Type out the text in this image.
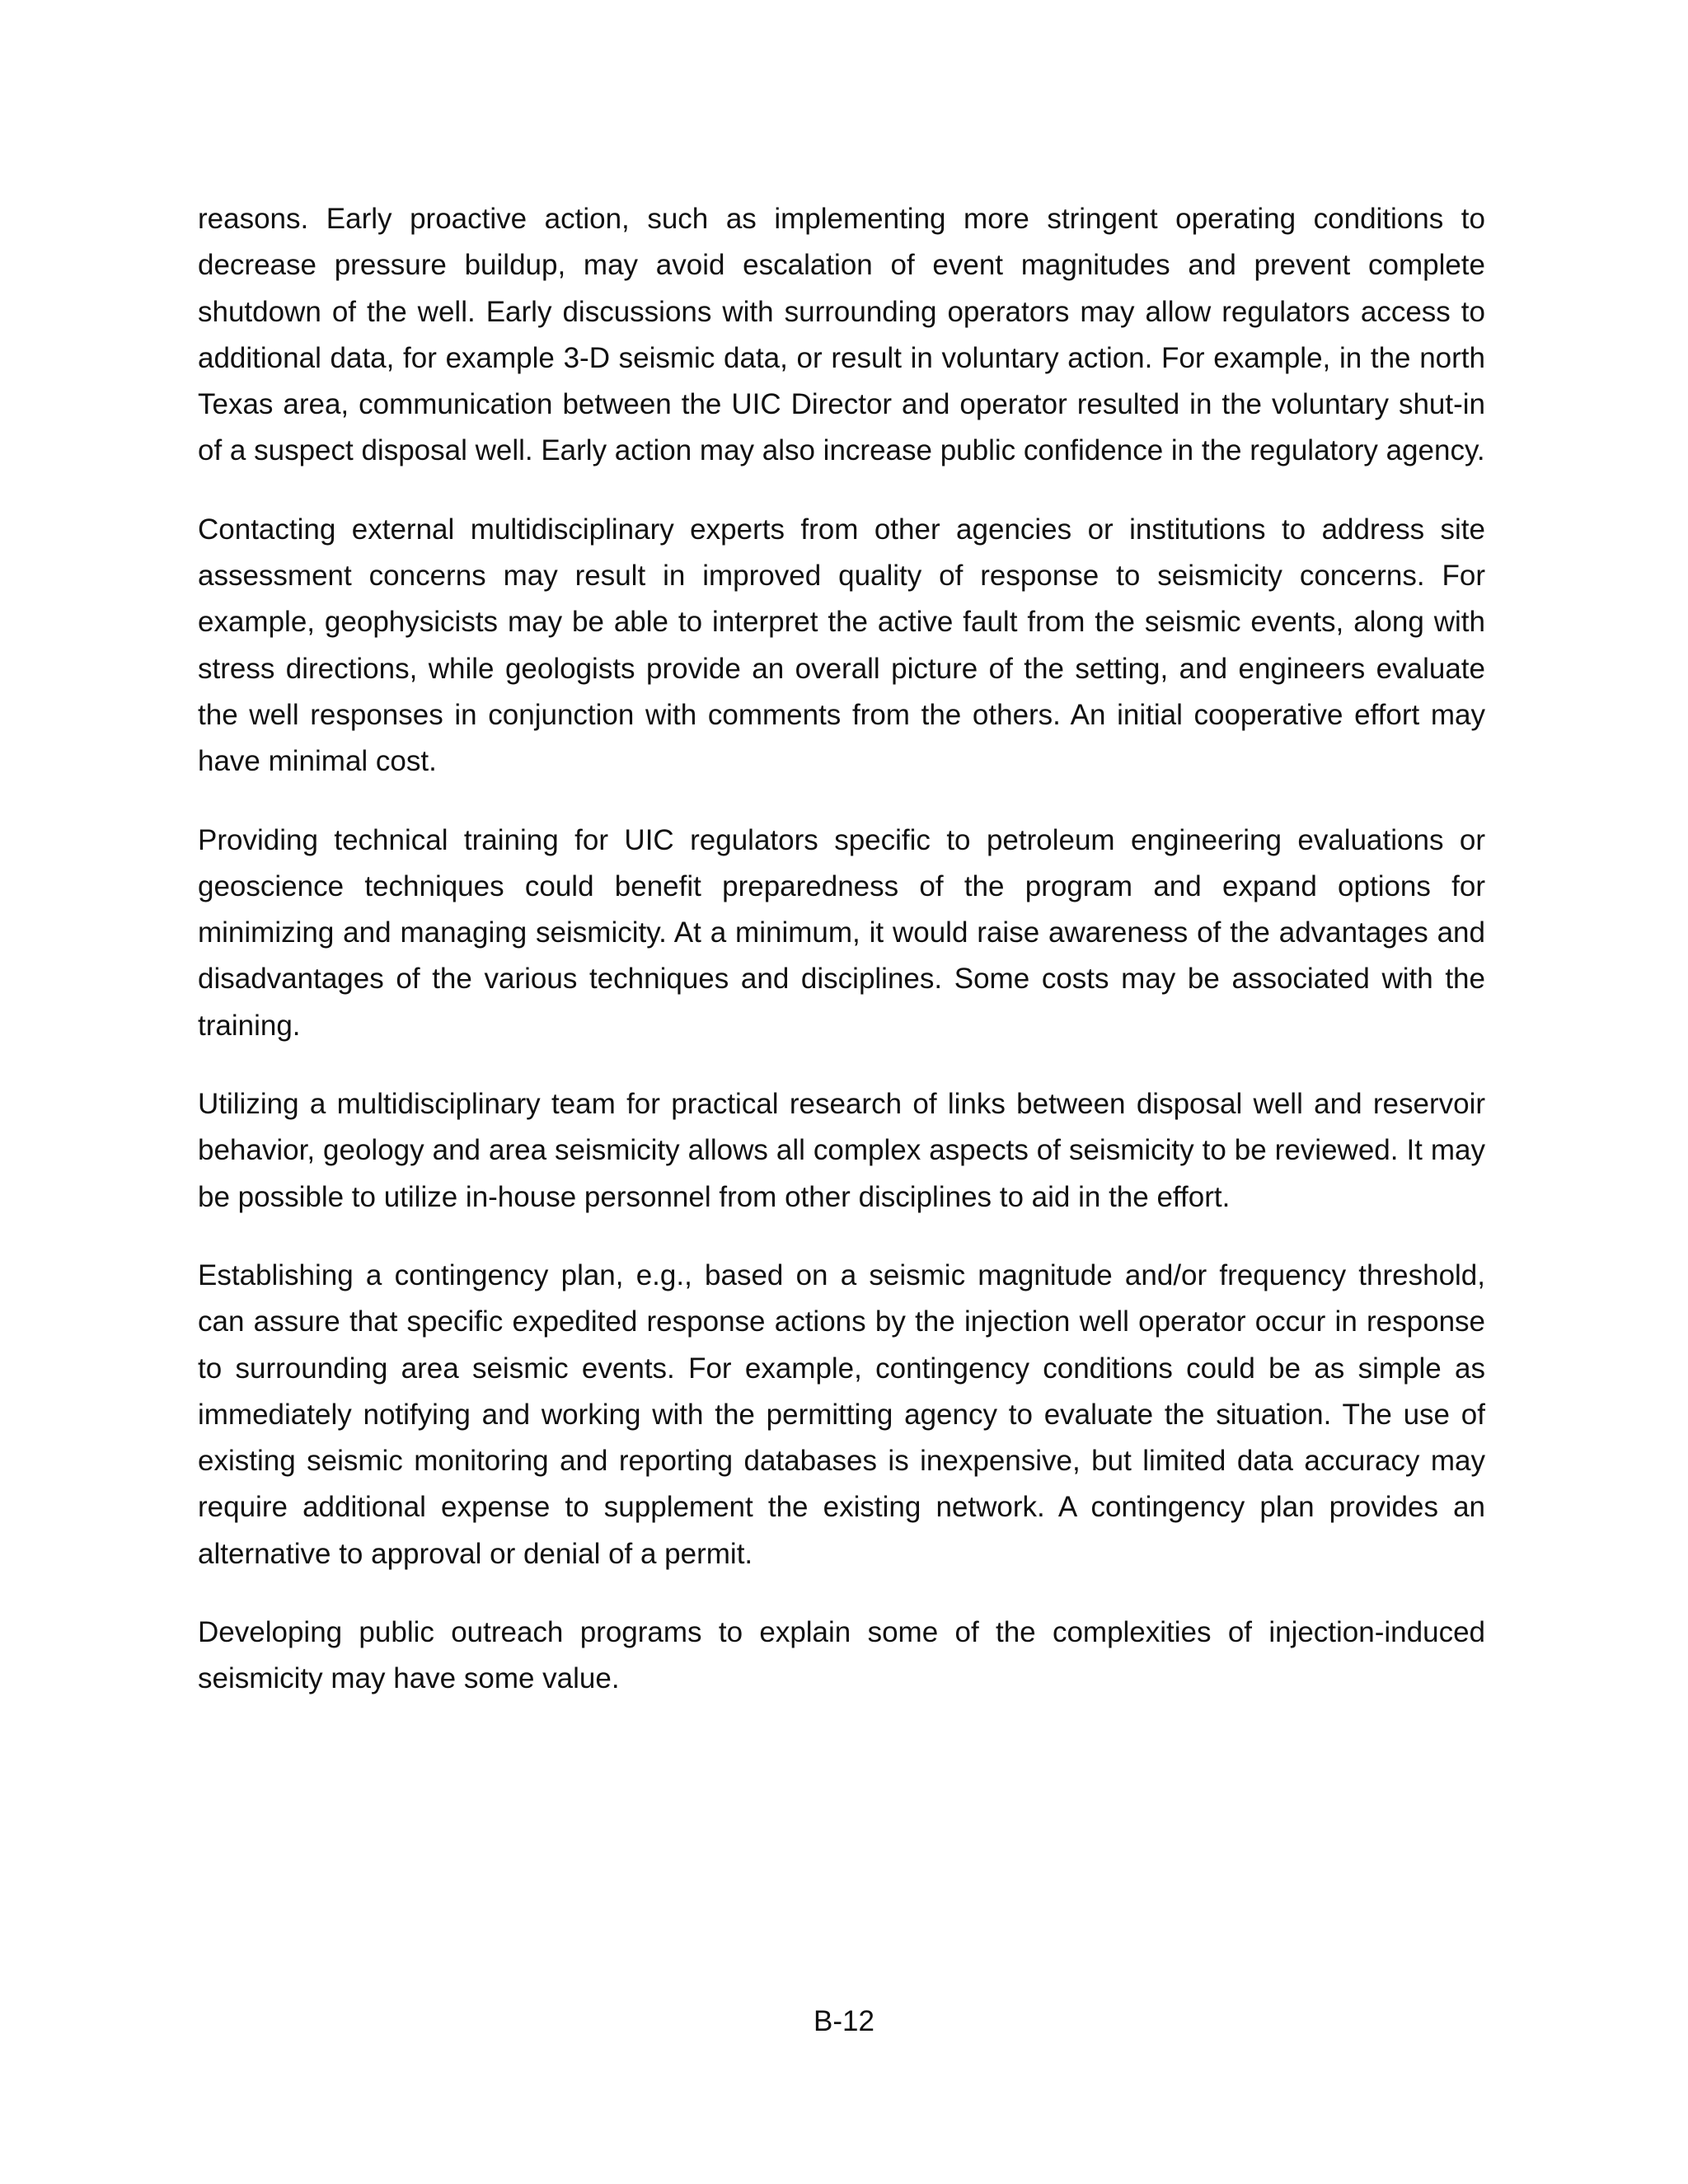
reasons. Early proactive action, such as implementing more stringent operating conditions to decrease pressure buildup, may avoid escalation of event magnitudes and prevent complete shutdown of the well. Early discussions with surrounding operators may allow regulators access to additional data, for example 3-D seismic data, or result in voluntary action. For example, in the north Texas area, communication between the UIC Director and operator resulted in the voluntary shut-in of a suspect disposal well. Early action may also increase public confidence in the regulatory agency.

Contacting external multidisciplinary experts from other agencies or institutions to address site assessment concerns may result in improved quality of response to seismicity concerns. For example, geophysicists may be able to interpret the active fault from the seismic events, along with stress directions, while geologists provide an overall picture of the setting, and engineers evaluate the well responses in conjunction with comments from the others. An initial cooperative effort may have minimal cost.

Providing technical training for UIC regulators specific to petroleum engineering evaluations or geoscience techniques could benefit preparedness of the program and expand options for minimizing and managing seismicity. At a minimum, it would raise awareness of the advantages and disadvantages of the various techniques and disciplines. Some costs may be associated with the training.

Utilizing a multidisciplinary team for practical research of links between disposal well and reservoir behavior, geology and area seismicity allows all complex aspects of seismicity to be reviewed. It may be possible to utilize in-house personnel from other disciplines to aid in the effort.

Establishing a contingency plan, e.g., based on a seismic magnitude and/or frequency threshold, can assure that specific expedited response actions by the injection well operator occur in response to surrounding area seismic events. For example, contingency conditions could be as simple as immediately notifying and working with the permitting agency to evaluate the situation. The use of existing seismic monitoring and reporting databases is inexpensive, but limited data accuracy may require additional expense to supplement the existing network. A contingency plan provides an alternative to approval or denial of a permit.

Developing public outreach programs to explain some of the complexities of injection-induced seismicity may have some value.

B-12
